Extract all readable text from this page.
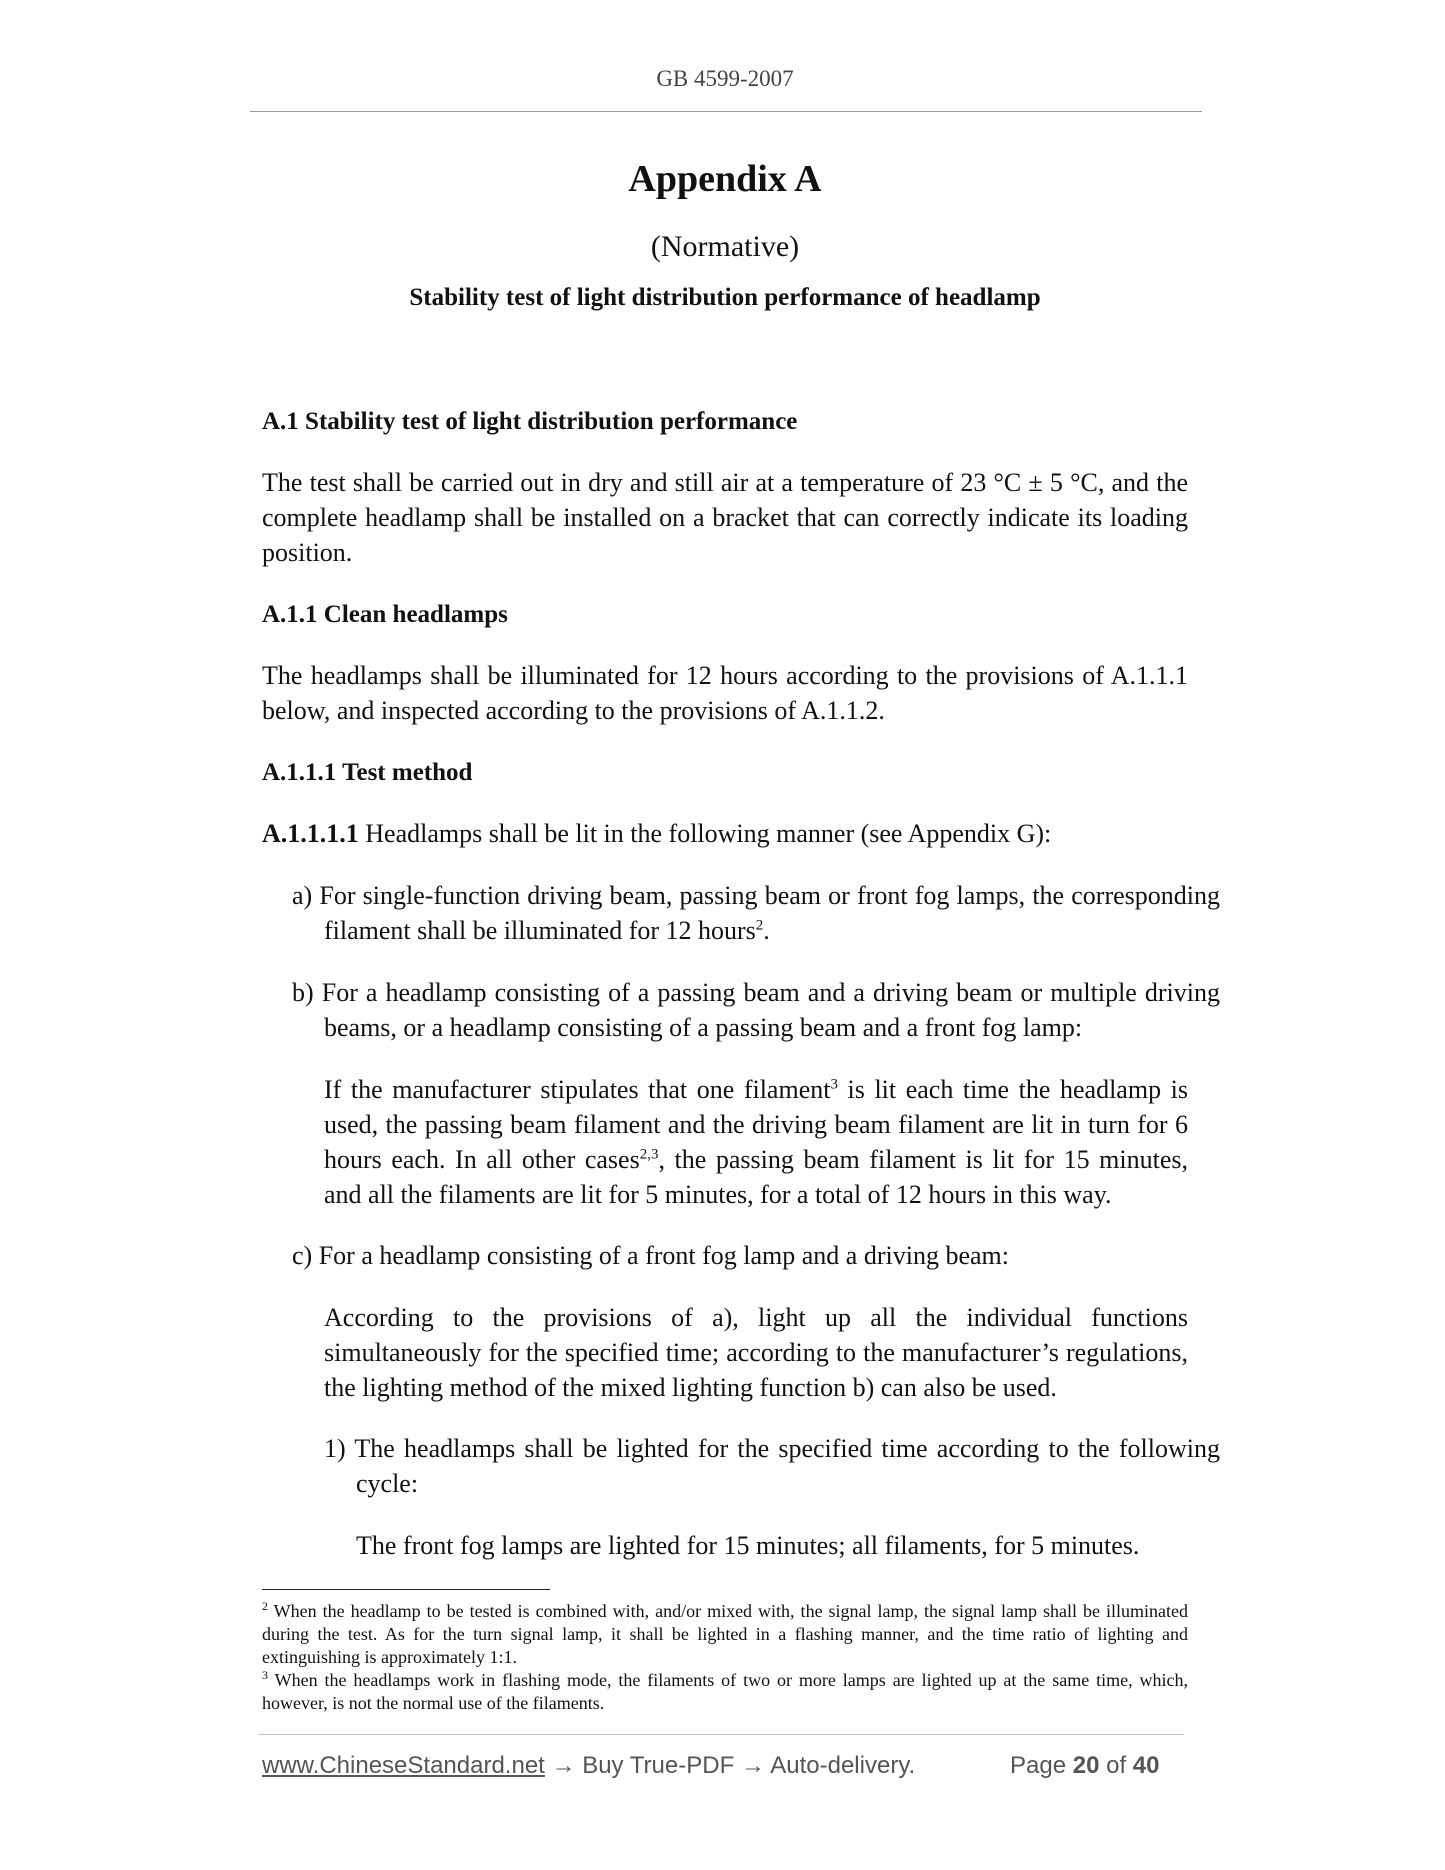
GB 4599-2007
Appendix A
(Normative)
Stability test of light distribution performance of headlamp
A.1 Stability test of light distribution performance
The test shall be carried out in dry and still air at a temperature of 23 °C ± 5 °C, and the complete headlamp shall be installed on a bracket that can correctly indicate its loading position.
A.1.1 Clean headlamps
The headlamps shall be illuminated for 12 hours according to the provisions of A.1.1.1 below, and inspected according to the provisions of A.1.1.2.
A.1.1.1 Test method
A.1.1.1.1 Headlamps shall be lit in the following manner (see Appendix G):
a) For single-function driving beam, passing beam or front fog lamps, the corresponding filament shall be illuminated for 12 hours$^2$.
b) For a headlamp consisting of a passing beam and a driving beam or multiple driving beams, or a headlamp consisting of a passing beam and a front fog lamp:
If the manufacturer stipulates that one filament$^3$ is lit each time the headlamp is used, the passing beam filament and the driving beam filament are lit in turn for 6 hours each. In all other cases$^{2,3}$, the passing beam filament is lit for 15 minutes, and all the filaments are lit for 5 minutes, for a total of 12 hours in this way.
c) For a headlamp consisting of a front fog lamp and a driving beam:
According to the provisions of a), light up all the individual functions simultaneously for the specified time; according to the manufacturer’s regulations, the lighting method of the mixed lighting function b) can also be used.
1) The headlamps shall be lighted for the specified time according to the following cycle:
The front fog lamps are lighted for 15 minutes; all filaments, for 5 minutes.
$^2$ When the headlamp to be tested is combined with, and/or mixed with, the signal lamp, the signal lamp shall be illuminated during the test. As for the turn signal lamp, it shall be lighted in a flashing manner, and the time ratio of lighting and extinguishing is approximately 1:1.
$^3$ When the headlamps work in flashing mode, the filaments of two or more lamps are lighted up at the same time, which, however, is not the normal use of the filaments.
www.ChineseStandard.net → Buy True-PDF → Auto-delivery.	Page 20 of 40
